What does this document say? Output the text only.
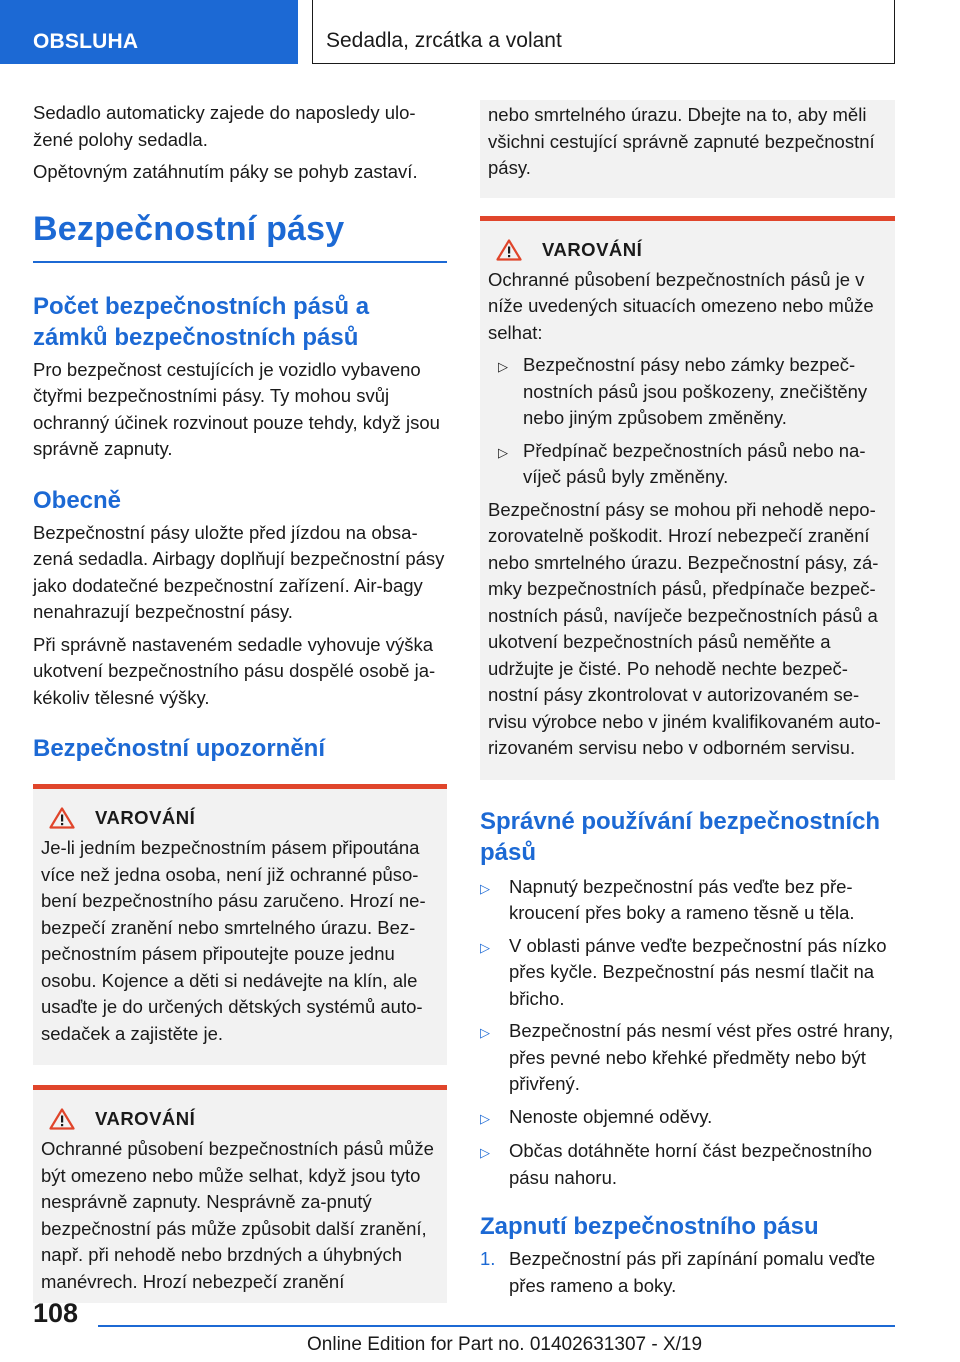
OBSLUHA	Sedadla, zrcátka a volant

Sedadlo automaticky zajede do naposledy ulo-žené polohy sedadla.

Opětovným zatáhnutím páky se pohyb zastaví.

Bezpečnostní pásy
Počet bezpečnostních pásů a zámků bezpečnostních pásů

Pro bezpečnost cestujících je vozidlo vybaveno čtyřmi bezpečnostními pásy. Ty mohou svůj ochranný účinek rozvinout pouze tehdy, když jsou správně zapnuty.

Obecně

Bezpečnostní pásy uložte před jízdou na obsa-zená sedadla. Airbagy doplňují bezpečnostní pásy jako dodatečné bezpečnostní zařízení. Air-bagy nenahrazují bezpečnostní pásy.

Při správně nastaveném sedadle vyhovuje výška ukotvení bezpečnostního pásu dospělé osobě ja-kékoliv tělesné výšky.

Bezpečnostní upozornění
VAROVÁNÍ

Je-li jedním bezpečnostním pásem připoutána více než jedna osoba, není již ochranné půso-bení bezpečnostního pásu zaručeno. Hrozí ne-bezpečí zranění nebo smrtelného úrazu. Bez-pečnostním pásem připoutejte pouze jednu osobu. Kojence a děti si nedávejte na klín, ale usaďte je do určených dětských systémů auto-sedaček a zajistěte je.

VAROVÁNÍ

Ochranné působení bezpečnostních pásů může být omezeno nebo může selhat, když jsou tyto nesprávně zapnuty. Nesprávně za-pnutý bezpečnostní pás může způsobit další zranění, např. při nehodě nebo brzdných a úhybných manévrech. Hrozí nebezpečí zranění

nebo smrtelného úrazu. Dbejte na to, aby měli všichni cestující správně zapnuté bezpečnostní pásy.

VAROVÁNÍ

Ochranné působení bezpečnostních pásů je v níže uvedených situacích omezeno nebo může selhat:

▷ Bezpečnostní pásy nebo zámky bezpeč-nostních pásů jsou poškozeny, znečištěny nebo jiným způsobem změněny.
▷ Předpínač bezpečnostních pásů nebo na-víječ pásů byly změněny.

Bezpečnostní pásy se mohou při nehodě nepo-zorovatelně poškodit. Hrozí nebezpečí zranění nebo smrtelného úrazu. Bezpečnostní pásy, zá-mky bezpečnostních pásů, předpínače bezpeč-nostních pásů, navíječe bezpečnostních pásů a ukotvení bezpečnostních pásů neměňte a udržujte je čisté. Po nehodě nechte bezpeč-nostní pásy zkontrolovat v autorizovaném se-rvisu výrobce nebo v jiném kvalifikovaném auto-rizovaném servisu nebo v odborném servisu.

Správné používání bezpečnostních pásů
▷	Napnutý bezpečnostní pás veďte bez pře-kroucení přes boky a rameno těsně u těla.
▷	V oblasti pánve veďte bezpečnostní pás nízko přes kyčle. Bezpečnostní pás nesmí tlačit na břicho.
▷	Bezpečnostní pás nesmí vést přes ostré hrany, přes pevné nebo křehké předměty nebo být přivřený.
▷	Nenoste objemné oděvy.
▷	Občas dotáhněte horní část bezpečnostního pásu nahoru.
Zapnutí bezpečnostního pásu
1. Bezpečnostní pás při zapínání pomalu veďte přes rameno a boky.
108
Online Edition for Part no. 01402631307 - X/19
